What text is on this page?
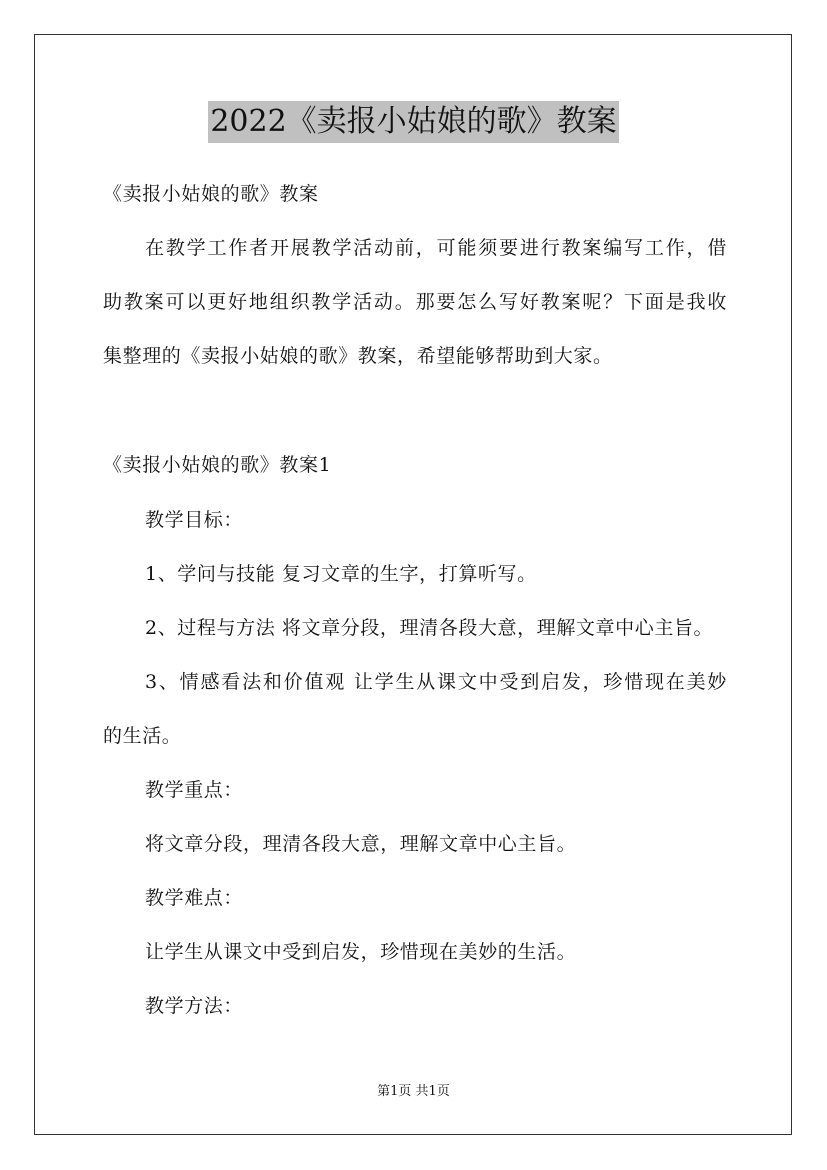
2022《卖报小姑娘的歌》教案
《卖报小姑娘的歌》教案
在教学工作者开展教学活动前，可能须要进行教案编写工作，借
助教案可以更好地组织教学活动。那要怎么写好教案呢？下面是我收
集整理的《卖报小姑娘的歌》教案，希望能够帮助到大家。
《卖报小姑娘的歌》教案1
教学目标：
1、学问与技能 复习文章的生字，打算听写。
2、过程与方法 将文章分段，理清各段大意，理解文章中心主旨。
3、情感看法和价值观 让学生从课文中受到启发，珍惜现在美妙
的生活。
教学重点：
将文章分段，理清各段大意，理解文章中心主旨。
教学难点：
让学生从课文中受到启发，珍惜现在美妙的生活。
教学方法：
第1页 共1页
